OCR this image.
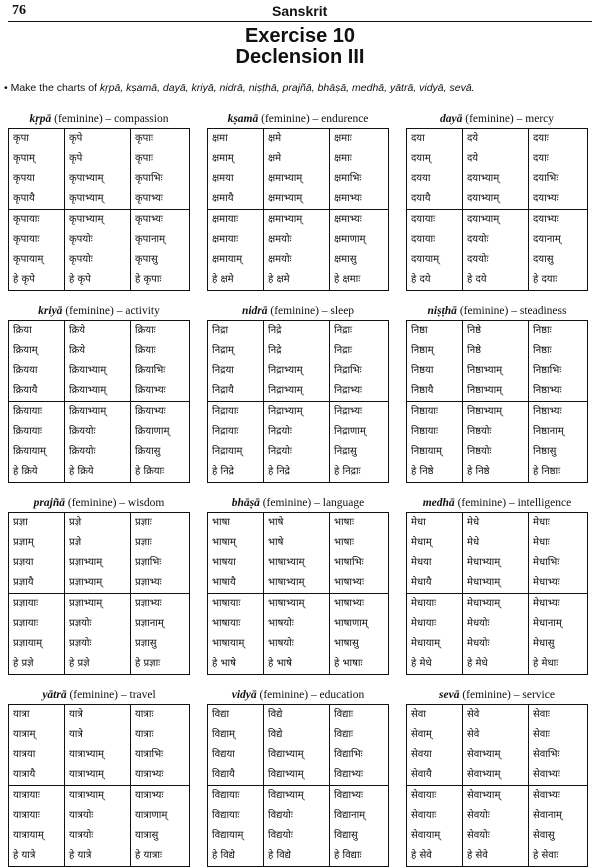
76	Sanskrit
Exercise 10
Declension III
• Make the charts of kṛpā, kṣamā, dayā, kriyā, nidrā, niṣṭhā, prajñā, bhāṣā, medhā, yātrā, vidyā, sevā.
kṛpā (feminine) – compassion
कृपा	कृपे	कृपाः
कृपाम्	कृपे	कृपाः
कृपया	कृपाभ्याम्	कृपाभिः
कृपायै	कृपाभ्याम्	कृपाभ्यः
कृपायाः	कृपाभ्याम्	कृपाभ्यः
कृपायाः	कृपयोः	कृपानाम्
कृपायाम्	कृपयोः	कृपासु
हे कृपे	हे कृपे	हे कृपाः
kṣamā (feminine) – endurence
क्षमा	क्षमे	क्षमाः
क्षमाम्	क्षमे	क्षमाः
क्षमया	क्षमाभ्याम्	क्षमाभिः
क्षमायै	क्षमाभ्याम्	क्षमाभ्यः
क्षमायाः	क्षमाभ्याम्	क्षमाभ्यः
क्षमायाः	क्षमयोः	क्षमाणाम्
क्षमायाम्	क्षमयोः	क्षमासु
हे क्षमे	हे क्षमे	हे क्षमाः
dayā (feminine) – mercy
दया	दये	दयाः
दयाम्	दये	दयाः
दयया	दयाभ्याम्	दयाभिः
दयायै	दयाभ्याम्	दयाभ्यः
दयायाः	दयाभ्याम्	दयाभ्यः
दयायाः	दययोः	दयानाम्
दयायाम्	दययोः	दयासु
हे दये	हे दये	हे दयाः
kriyā (feminine) – activity
क्रिया	क्रिये	क्रियाः
क्रियाम्	क्रिये	क्रियाः
क्रियया	क्रियाभ्याम्	क्रियाभिः
क्रियायै	क्रियाभ्याम्	क्रियाभ्यः
क्रियायाः	क्रियाभ्याम्	क्रियाभ्यः
क्रियायाः	क्रिययोः	क्रियाणाम्
क्रियायाम्	क्रिययोः	क्रियासु
हे क्रिये	हे क्रिये	हे क्रियाः
nidrā (feminine) – sleep
निद्रा	निद्रे	निद्राः
निद्राम्	निद्रे	निद्राः
निद्रया	निद्राभ्याम्	निद्राभिः
निद्रायै	निद्राभ्याम्	निद्राभ्यः
निद्रायाः	निद्राभ्याम्	निद्राभ्यः
निद्रायाः	निद्रयोः	निद्राणाम्
निद्रायाम्	निद्रयोः	निद्रासु
हे निद्रे	हे निद्रे	हे निद्राः
niṣṭhā (feminine) – steadiness
निष्ठा	निष्ठे	निष्ठाः
निष्ठाम्	निष्ठे	निष्ठाः
निष्ठया	निष्ठाभ्याम्	निष्ठाभिः
निष्ठायै	निष्ठाभ्याम्	निष्ठाभ्यः
निष्ठायाः	निष्ठाभ्याम्	निष्ठाभ्यः
निष्ठायाः	निष्ठयोः	निष्ठानाम्
निष्ठायाम्	निष्ठयोः	निष्ठासु
हे निष्ठे	हे निष्ठे	हे निष्ठाः
prajñā (feminine) – wisdom
प्रज्ञा	प्रज्ञे	प्रज्ञाः
प्रज्ञाम्	प्रज्ञे	प्रज्ञाः
प्रज्ञया	प्रज्ञाभ्याम्	प्रज्ञाभिः
प्रज्ञायै	प्रज्ञाभ्याम्	प्रज्ञाभ्यः
प्रज्ञायाः	प्रज्ञाभ्याम्	प्रज्ञाभ्यः
प्रज्ञायाः	प्रज्ञयोः	प्रज्ञानाम्
प्रज्ञायाम्	प्रज्ञयोः	प्रज्ञासु
हे प्रज्ञे	हे प्रज्ञे	हे प्रज्ञाः
bhāṣā (feminine) – language
भाषा	भाषे	भाषाः
भाषाम्	भाषे	भाषाः
भाषया	भाषाभ्याम्	भाषाभिः
भाषायै	भाषाभ्याम्	भाषाभ्यः
भाषायाः	भाषाभ्याम्	भाषाभ्यः
भाषायाः	भाषयोः	भाषाणाम्
भाषायाम्	भाषयोः	भाषासु
हे भाषे	हे भाषे	हे भाषाः
medhā (feminine) – intelligence
मेधा	मेधे	मेधाः
मेधाम्	मेधे	मेधाः
मेधया	मेधाभ्याम्	मेधाभिः
मेधायै	मेधाभ्याम्	मेधाभ्यः
मेधायाः	मेधाभ्याम्	मेधाभ्यः
मेधायाः	मेधयोः	मेधानाम्
मेधायाम्	मेधयोः	मेधासु
हे मेधे	हे मेधे	हे मेधाः
yātrā (feminine) – travel
यात्रा	यात्रे	यात्राः
यात्राम्	यात्रे	यात्राः
यात्रया	यात्राभ्याम्	यात्राभिः
यात्रायै	यात्राभ्याम्	यात्राभ्यः
यात्रायाः	यात्राभ्याम्	यात्राभ्यः
यात्रायाः	यात्रयोः	यात्राणाम्
यात्रायाम्	यात्रयोः	यात्रासु
हे यात्रे	हे यात्रे	हे यात्राः
vidyā (feminine) – education
विद्या	विद्ये	विद्याः
विद्याम्	विद्ये	विद्याः
विद्यया	विद्याभ्याम्	विद्याभिः
विद्यायै	विद्याभ्याम्	विद्याभ्यः
विद्यायाः	विद्याभ्याम्	विद्याभ्यः
विद्यायाः	विद्ययोः	विद्यानाम्
विद्यायाम्	विद्ययोः	विद्यासु
हे विद्ये	हे विद्ये	हे विद्याः
sevā (feminine) – service
सेवा	सेवे	सेवाः
सेवाम्	सेवे	सेवाः
सेवया	सेवाभ्याम्	सेवाभिः
सेवायै	सेवाभ्याम्	सेवाभ्यः
सेवायाः	सेवाभ्याम्	सेवाभ्यः
सेवायाः	सेवयोः	सेवानाम्
सेवायाम्	सेवयोः	सेवासु
हे सेवे	हे सेवे	हे सेवाः
